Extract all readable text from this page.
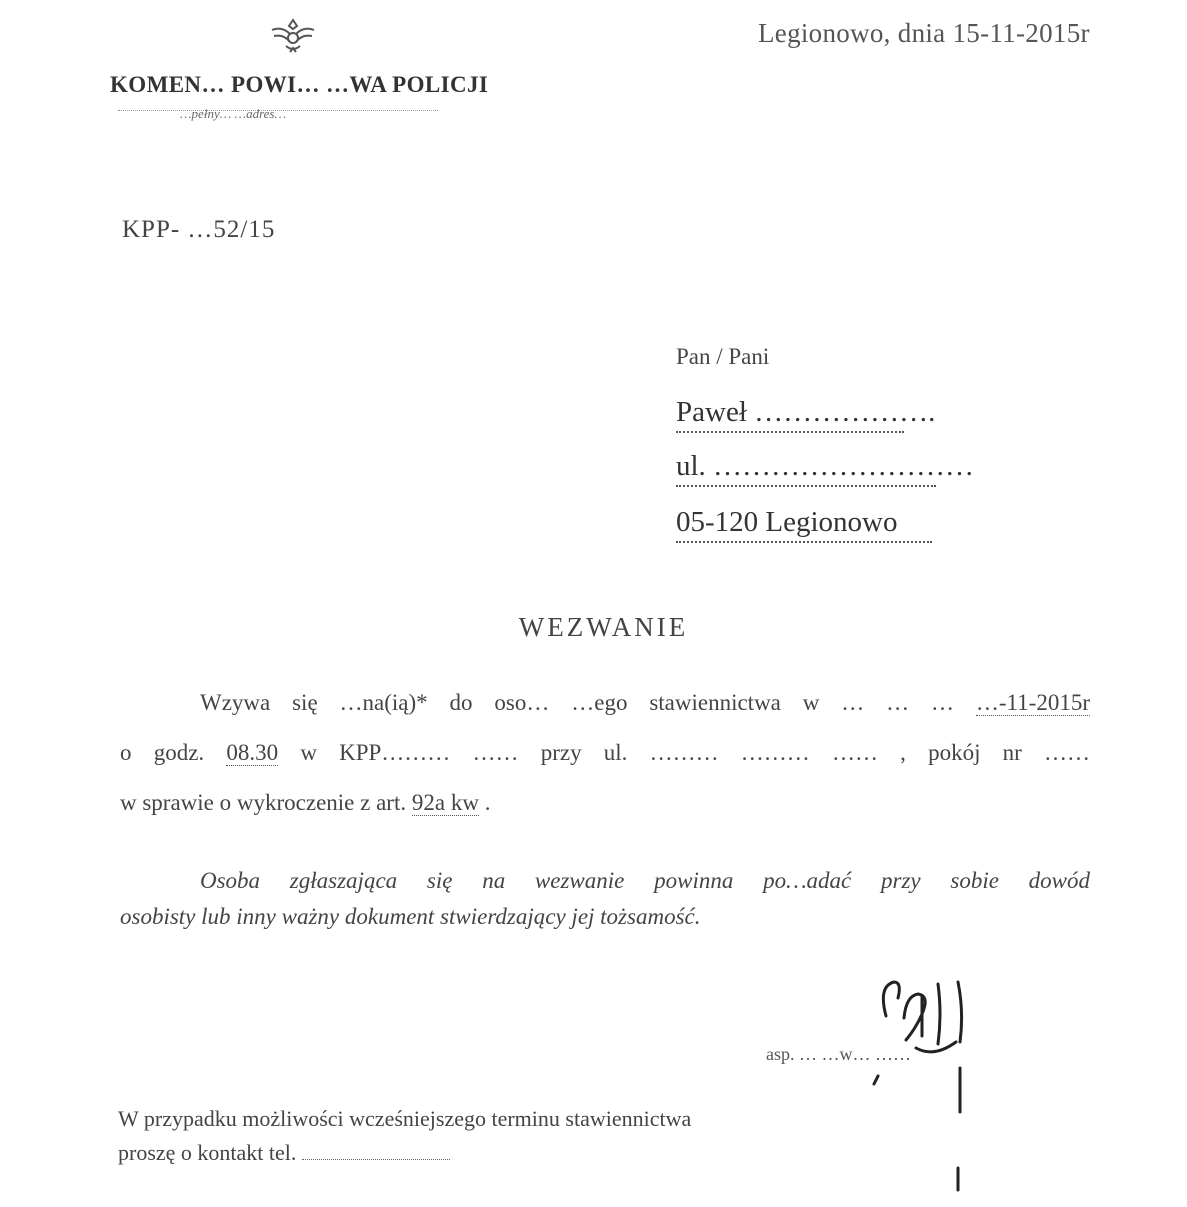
Legionowo, dnia 15-11-2015r
KOMEN… POWI… …WA POLICJI
…pełny… …adres…
KPP- …52/15
Pan / Pani
Paweł ……………….
ul. ………………………
05-120 Legionowo
WEZWANIE
Wzywa się …na(ią)* do oso… …ego stawiennictwa w … … … …-11-2015r
o godz. 08.30 w KPP……… …… przy ul. ……… ……… …… , pokój nr ……
w sprawie o wykroczenie z art. 92a kw .
Osoba zgłaszająca się na wezwanie powinna po…adać przy sobie dowód
osobisty lub inny ważny dokument stwierdzający jej tożsamość.
asp. … …w… ……
W przypadku możliwości wcześniejszego terminu stawiennictwa
proszę o kontakt tel.
